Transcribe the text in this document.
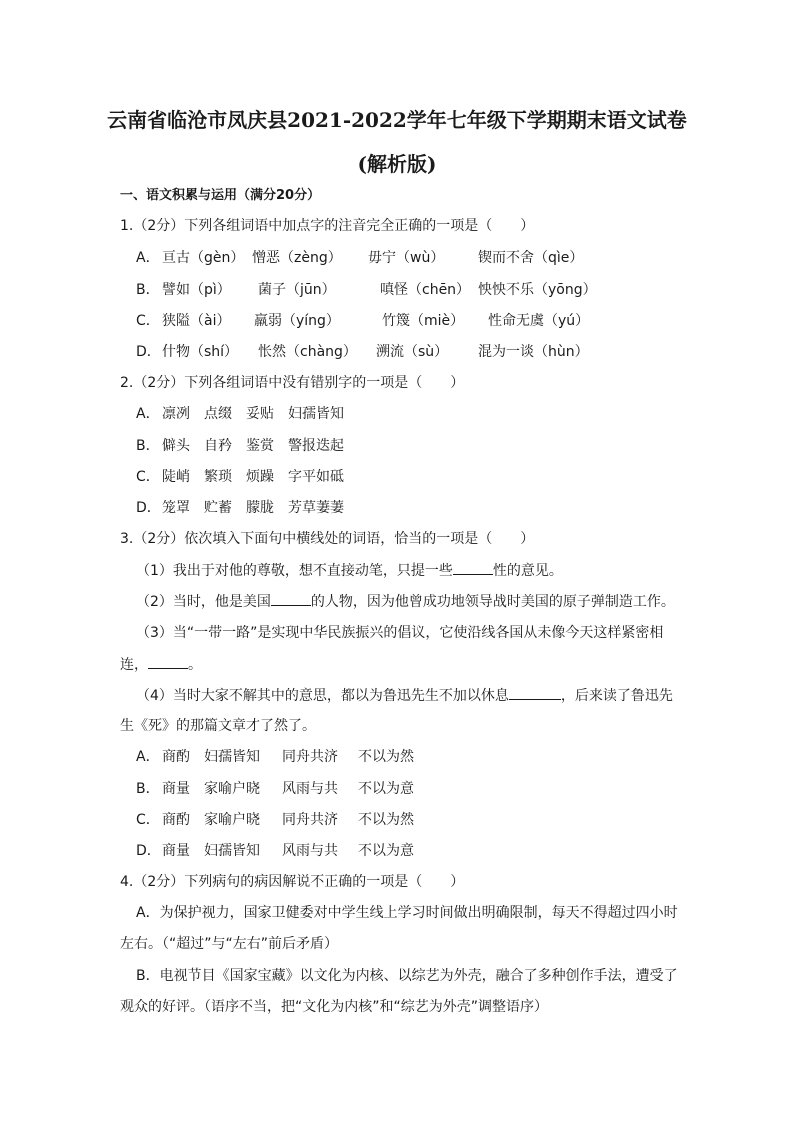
云南省临沧市凤庆县2021-2022学年七年级下学期期末语文试卷
(解析版)
一、语文积累与运用（满分20分）
1.（2分）下列各组词语中加点字的注音完全正确的一项是（　　）
A． 亘古（gèn） 憎恶（zèng） 毋宁（wù） 锲而不舍（qìe）
B． 譬如（pì） 菌子（jūn）	嗔怪（chēn） 怏怏不乐（yōng）
C． 狭隘（ài） 羸弱（yíng）	竹篾（miè） 性命无虞（yú）
D． 什物（shí） 怅然（chàng） 溯流（sù） 混为一谈（hùn）
2.（2分）下列各组词语中没有错别字的一项是（　　）
A． 凛冽 点缀 妥贴 妇孺皆知
B． 僻头 自矜 鉴赏 警报迭起
C． 陡峭 繁琐 烦躁 字平如砥
D． 笼罩 贮蓄 朦胧 芳草萋萋
3.（2分）依次填入下面句中横线处的词语，恰当的一项是（　　）
（1）我出于对他的尊敬，想不直接动笔，只提一些	性的意见。
（2）当时，他是美国	的人物，因为他曾成功地领导战时美国的原子弹制造工作。
（3）当“一带一路”是实现中华民族振兴的倡议，它使沿线各国从未像今天这样紧密相
连，	。
（4）当时大家不解其中的意思，都以为鲁迅先生不加以休息	，后来读了鲁迅先
生《死》的那篇文章才了然了。
A． 商酌 妇孺皆知 同舟共济 不以为然
B． 商量 家喻户晓 风雨与共 不以为意
C． 商酌 家喻户晓 同舟共济 不以为然
D． 商量 妇孺皆知 风雨与共 不以为意
4.（2分）下列病句的病因解说不正确的一项是（　　）
A．为保护视力，国家卫健委对中学生线上学习时间做出明确限制，每天不得超过四小时
左右。（“超过”与“左右”前后矛盾）
B．电视节目《国家宝藏》以文化为内核、以综艺为外壳，融合了多种创作手法，遭受了
观众的好评。（语序不当，把“文化为内核”和“综艺为外壳”调整语序）
